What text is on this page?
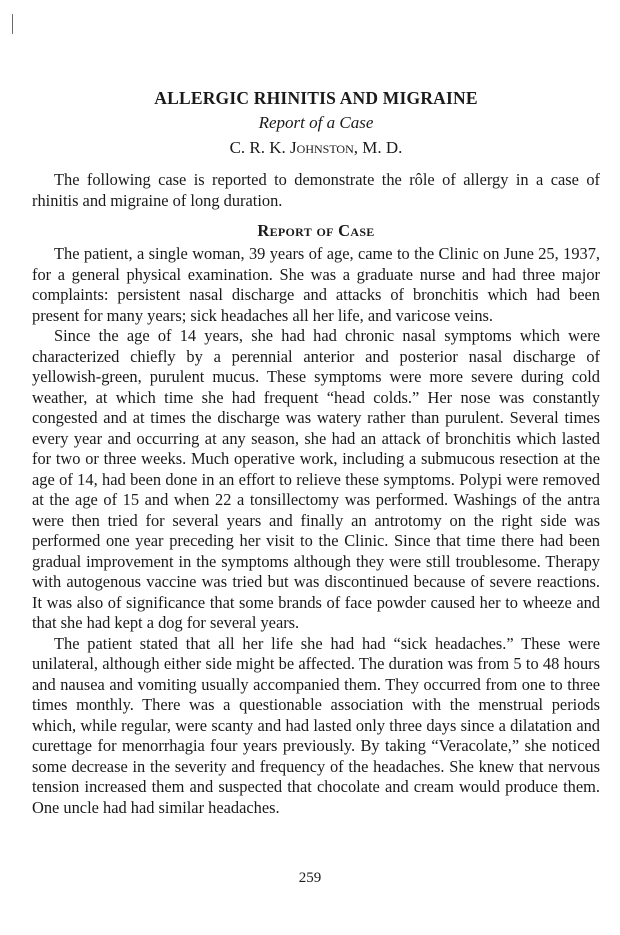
ALLERGIC RHINITIS AND MIGRAINE

Report of a Case

C. R. K. Johnston, M. D.

The following case is reported to demonstrate the rôle of allergy in a case of rhinitis and migraine of long duration.

Report of Case

The patient, a single woman, 39 years of age, came to the Clinic on June 25, 1937, for a general physical examination. She was a graduate nurse and had three major complaints: persistent nasal discharge and attacks of bronchitis which had been present for many years; sick headaches all her life, and varicose veins.

Since the age of 14 years, she had had chronic nasal symptoms which were characterized chiefly by a perennial anterior and posterior nasal discharge of yellowish-green, purulent mucus. These symptoms were more severe during cold weather, at which time she had frequent “head colds.” Her nose was constantly congested and at times the discharge was watery rather than purulent. Several times every year and occurring at any season, she had an attack of bronchitis which lasted for two or three weeks. Much operative work, including a submucous resection at the age of 14, had been done in an effort to relieve these symptoms. Polypi were removed at the age of 15 and when 22 a tonsillectomy was performed. Washings of the antra were then tried for several years and finally an antrotomy on the right side was performed one year preceding her visit to the Clinic. Since that time there had been gradual improvement in the symptoms although they were still troublesome. Therapy with autogenous vaccine was tried but was discontinued because of severe reactions. It was also of significance that some brands of face powder caused her to wheeze and that she had kept a dog for several years.

The patient stated that all her life she had had “sick headaches.” These were unilateral, although either side might be affected. The duration was from 5 to 48 hours and nausea and vomiting usually accompanied them. They occurred from one to three times monthly. There was a questionable association with the menstrual periods which, while regular, were scanty and had lasted only three days since a dilatation and curettage for menorrhagia four years previously. By taking “Veracolate,” she noticed some decrease in the severity and frequency of the headaches. She knew that nervous tension increased them and suspected that chocolate and cream would produce them. One uncle had had similar headaches.

259
